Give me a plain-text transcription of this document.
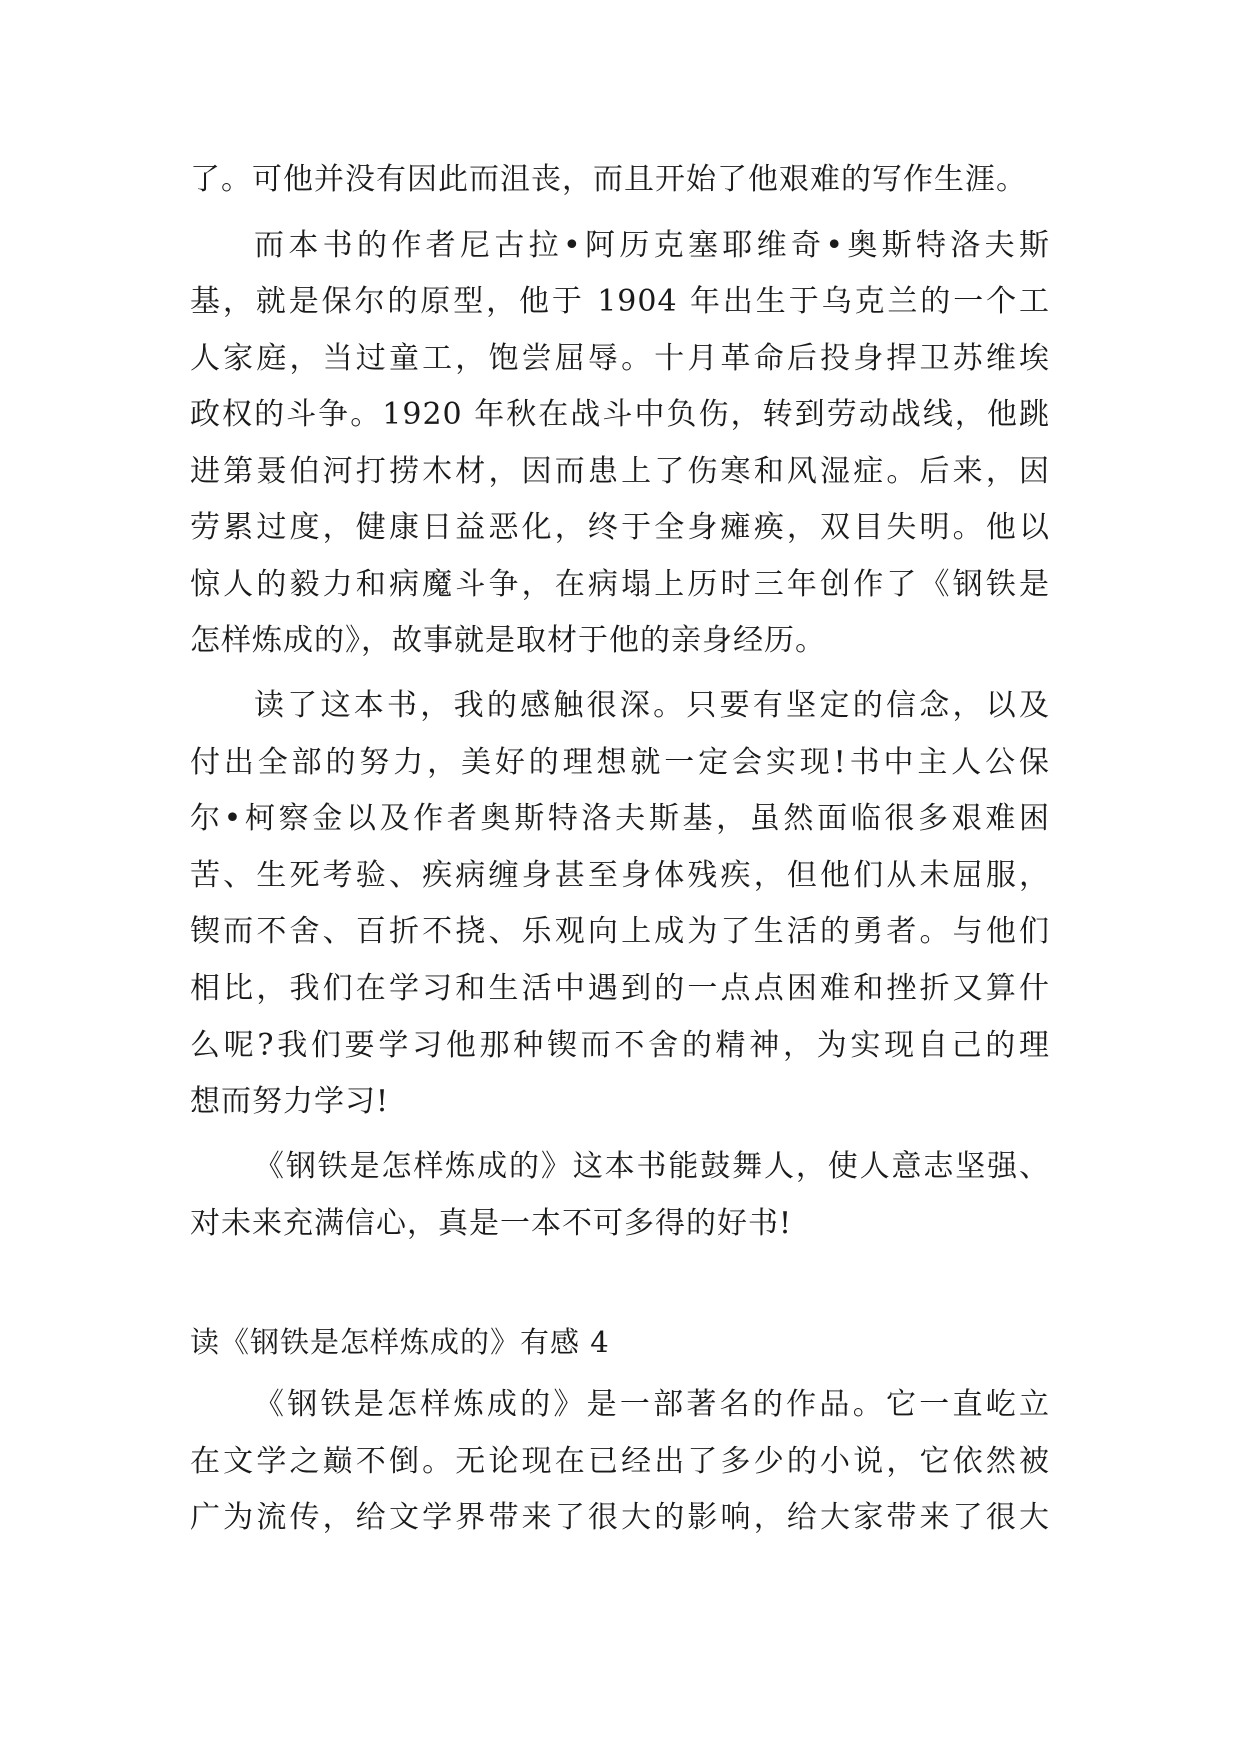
了。可他并没有因此而沮丧，而且开始了他艰难的写作生涯。

而本书的作者尼古拉•阿历克塞耶维奇•奥斯特洛夫斯

基，就是保尔的原型，他于 1904 年出生于乌克兰的一个工

人家庭，当过童工，饱尝屈辱。十月革命后投身捍卫苏维埃

政权的斗争。1920 年秋在战斗中负伤，转到劳动战线，他跳

进第聂伯河打捞木材，因而患上了伤寒和风湿症。后来，因

劳累过度，健康日益恶化，终于全身瘫痪，双目失明。他以

惊人的毅力和病魔斗争，在病塌上历时三年创作了《钢铁是

怎样炼成的》，故事就是取材于他的亲身经历。

读了这本书，我的感触很深。只要有坚定的信念，以及

付出全部的努力，美好的理想就一定会实现!书中主人公保

尔•柯察金以及作者奥斯特洛夫斯基，虽然面临很多艰难困

苦、生死考验、疾病缠身甚至身体残疾，但他们从未屈服，

锲而不舍、百折不挠、乐观向上成为了生活的勇者。与他们

相比，我们在学习和生活中遇到的一点点困难和挫折又算什

么呢?我们要学习他那种锲而不舍的精神，为实现自己的理

想而努力学习!

《钢铁是怎样炼成的》这本书能鼓舞人，使人意志坚强、

对未来充满信心，真是一本不可多得的好书!

读《钢铁是怎样炼成的》有感 4

《钢铁是怎样炼成的》是一部著名的作品。它一直屹立

在文学之巅不倒。无论现在已经出了多少的小说，它依然被

广为流传，给文学界带来了很大的影响，给大家带来了很大
